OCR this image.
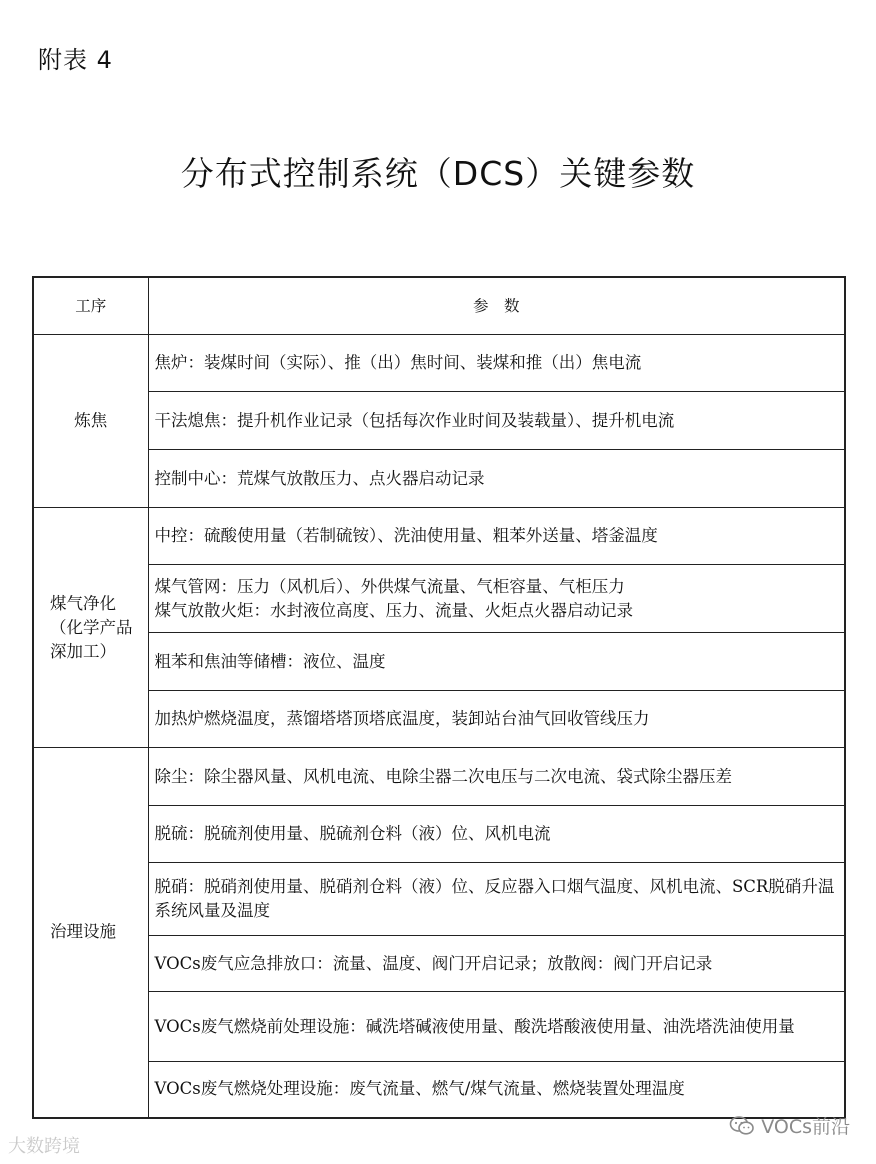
附表 4
分布式控制系统（DCS）关键参数
工序	参　数
炼焦	焦炉：装煤时间（实际）、推（出）焦时间、装煤和推（出）焦电流
	干法熄焦：提升机作业记录（包括每次作业时间及装载量）、提升机电流
	控制中心：荒煤气放散压力、点火器启动记录
煤气净化
（化学产品
深加工）	中控：硫酸使用量（若制硫铵）、洗油使用量、粗苯外送量、塔釜温度
	煤气管网：压力（风机后）、外供煤气流量、气柜容量、气柜压力
煤气放散火炬：水封液位高度、压力、流量、火炬点火器启动记录
	粗苯和焦油等储槽：液位、温度
	加热炉燃烧温度，蒸馏塔塔顶塔底温度，装卸站台油气回收管线压力
治理设施	除尘：除尘器风量、风机电流、电除尘器二次电压与二次电流、袋式除尘器压差
	脱硫：脱硫剂使用量、脱硫剂仓料（液）位、风机电流
	脱硝：脱硝剂使用量、脱硝剂仓料（液）位、反应器入口烟气温度、风机电流、SCR脱硝升温系统风量及温度
	VOCs废气应急排放口：流量、温度、阀门开启记录；放散阀：阀门开启记录
	VOCs废气燃烧前处理设施：碱洗塔碱液使用量、酸洗塔酸液使用量、油洗塔洗油使用量
	VOCs废气燃烧处理设施：废气流量、燃气/煤气流量、燃烧装置处理温度
大数跨境
VOCs前沿
